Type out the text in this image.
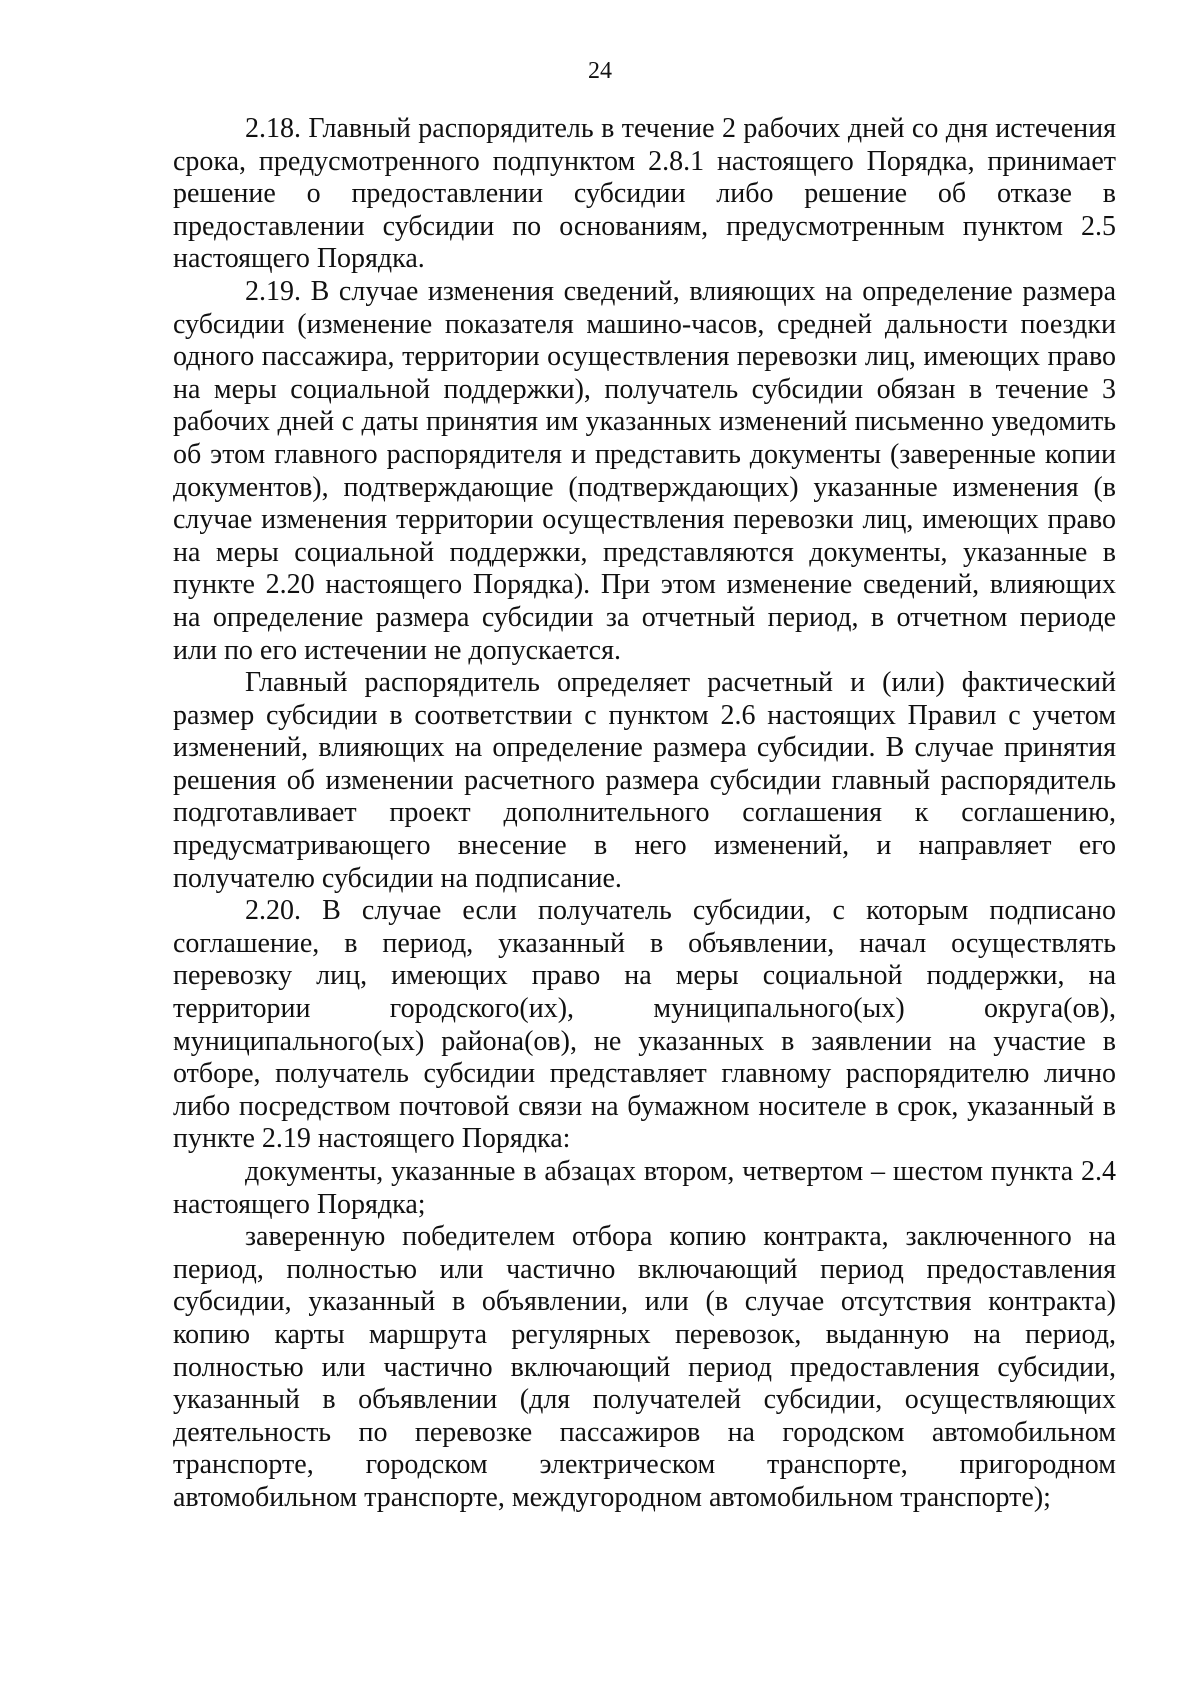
24

2.18. Главный распорядитель в течение 2 рабочих дней со дня истечения срока, предусмотренного подпунктом 2.8.1 настоящего Порядка, принимает решение о предоставлении субсидии либо решение об отказе в предоставлении субсидии по основаниям, предусмотренным пунктом 2.5 настоящего Порядка.

2.19. В случае изменения сведений, влияющих на определение размера субсидии (изменение показателя машино-часов, средней дальности поездки одного пассажира, территории осуществления перевозки лиц, имеющих право на меры социальной поддержки), получатель субсидии обязан в течение 3 рабочих дней с даты принятия им указанных изменений письменно уведомить об этом главного распорядителя и представить документы (заверенные копии документов), подтверждающие (подтверждающих) указанные изменения (в случае изменения территории осуществления перевозки лиц, имеющих право на меры социальной поддержки, представляются документы, указанные в пункте 2.20 настоящего Порядка). При этом изменение сведений, влияющих на определение размера субсидии за отчетный период, в отчетном периоде или по его истечении не допускается.

Главный распорядитель определяет расчетный и (или) фактический размер субсидии в соответствии с пунктом 2.6 настоящих Правил с учетом изменений, влияющих на определение размера субсидии. В случае принятия решения об изменении расчетного размера субсидии главный распорядитель подготавливает проект дополнительного соглашения к соглашению, предусматривающего внесение в него изменений, и направляет его получателю субсидии на подписание.

2.20. В случае если получатель субсидии, с которым подписано соглашение, в период, указанный в объявлении, начал осуществлять перевозку лиц, имеющих право на меры социальной поддержки, на территории городского(их), муниципального(ых) округа(ов), муниципального(ых) района(ов), не указанных в заявлении на участие в отборе, получатель субсидии представляет главному распорядителю лично либо посредством почтовой связи на бумажном носителе в срок, указанный в пункте 2.19 настоящего Порядка:

документы, указанные в абзацах втором, четвертом – шестом пункта 2.4 настоящего Порядка;

заверенную победителем отбора копию контракта, заключенного на период, полностью или частично включающий период предоставления субсидии, указанный в объявлении, или (в случае отсутствия контракта) копию карты маршрута регулярных перевозок, выданную на период, полностью или частично включающий период предоставления субсидии, указанный в объявлении (для получателей субсидии, осуществляющих деятельность по перевозке пассажиров на городском автомобильном транспорте, городском электрическом транспорте, пригородном автомобильном транспорте, междугородном автомобильном транспорте);
